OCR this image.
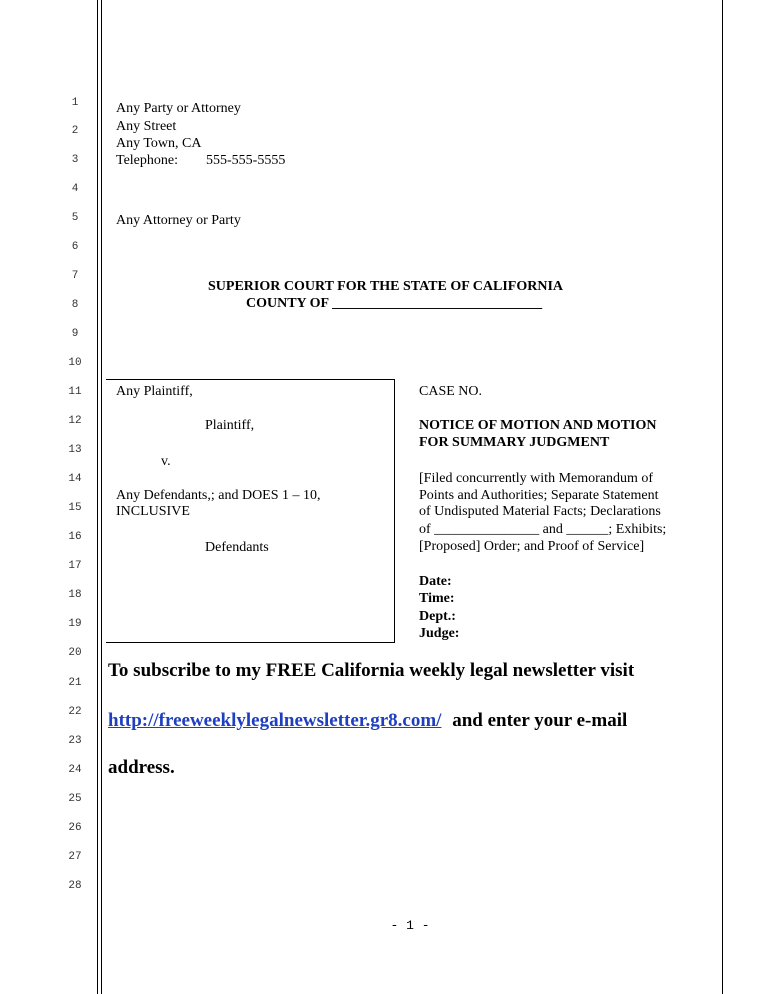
1
2
3
4
5
6
7
8
9
10
11
12
13
14
15
16
17
18
19
20
21
22
23
24
25
26
27
28
Any Party or Attorney
Any Street
Any Town, CA
Telephone: 555-555-5555
Any Attorney or Party
SUPERIOR COURT FOR THE STATE OF CALIFORNIA
COUNTY OF ______________________________
Any Plaintiff,
Plaintiff,
v.
Any Defendants,; and DOES 1 – 10,
INCLUSIVE
Defendants
CASE NO.
NOTICE OF MOTION AND MOTION
FOR SUMMARY JUDGMENT
[Filed concurrently with Memorandum of
Points and Authorities; Separate Statement
of Undisputed Material Facts; Declarations
of _______________ and ______; Exhibits;
[Proposed] Order; and Proof of Service]
Date:
Time:
Dept.:
Judge:
To subscribe to my FREE California weekly legal newsletter visit
http://freeweeklylegalnewsletter.gr8.com/ and enter your e-mail
address.
- 1 -
